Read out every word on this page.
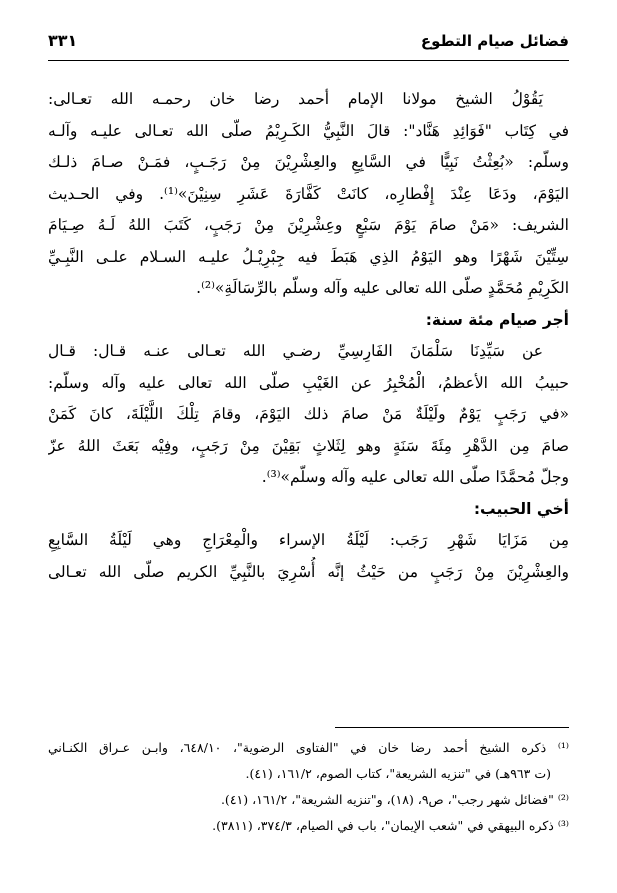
فضائل صيام التطوع
٣٣١
يَقُوْلُ الشيخ مولانا الإمام أحمد رضا خان رحمـه الله تعـالى:
في كِتَاب "فَوَائِدِ هَنَّاد": قالَ النَّبِيُّ الكَـرِيْمُ صلّى الله تعـالى عليـه وآلـه
وسلّم: «بُعِثْتُ نَبِيًّا في السَّابِعِ والعِشْرِيْنَ مِنْ رَجَـبٍ، فمَـنْ صـامَ ذلـك
اليَوْمَ، ودَعَا عِنْدَ إِفْطارِه، كانَتْ كَفَّارَةَ عَشَرِ سِنِيْنَ»⁽¹⁾. وفي الحـديث
الشريف: «مَنْ صامَ يَوْمَ سَبْعٍ وعِشْرِيْنَ مِنْ رَجَبٍ، كَتَبَ اللهُ لَـهُ صِـيَامَ
سِتِّيْنَ شَهْرًا وهو اليَوْمُ الذِي هَبَطَ فيه جِبْرِيْـلُ عليـه السـلام علـى النَّبِـيِّ
الكَرِيْمِ مُحَمَّدٍ صلّى الله تعالى عليه وآله وسلّم بالرِّسَالَةِ»⁽²⁾.
أجر صيام مئة سنة:
عن سَيِّدِنَا سَلْمَانَ الفَارِسِيِّ رضـي الله تعـالى عنـه قـال: قـال
حبيبُ الله الأعظمُ، الْمُخْبِرُ عن الغَيْبِ صلّى الله تعالى عليه وآله وسلّم:
«في رَجَبٍ يَوْمٌ ولَيْلَةٌ مَنْ صامَ ذلك اليَوْمَ، وقامَ تِلْكَ اللَّيْلَةَ، كانَ كَمَنْ
صامَ مِن الدَّهْرِ مِئَةَ سَنَةٍ وهو لِثَلاثٍ بَقِيْنَ مِنْ رَجَبٍ، وفِيْه بَعَثَ اللهُ عزّ
وجلّ مُحمَّدًا صلّى الله تعالى عليه وآله وسلّم»⁽³⁾.
أخي الحبيب:
مِن مَزَايَا شَهْرِ رَجَب: لَيْلَةُ الإسراء والْمِعْرَاجِ وهي لَيْلَةُ السَّابِعِ
والعِشْرِيْنَ مِنْ رَجَبٍ من حَيْثُ إنَّه أُسْرِيَ بالنَّبِيِّ الكريم صلّى الله تعـالى
⁽¹⁾ ذكره الشيخ أحمد رضا خان في "الفتاوى الرضوية"، ٦٤٨/١٠، وابـن عـراق الكنـاني
(ت ٩٦٣هـ) في "تنزيه الشريعة"، كتاب الصوم، ١٦١/٢، (٤١).
⁽²⁾ "فضائل شهر رجب"، ص٩، (١٨)، و"تنزيه الشريعة"، ١٦١/٢، (٤١).
⁽³⁾ ذكره البيهقي في "شعب الإيمان"، باب في الصيام، ٣٧٤/٣، (٣٨١١).
